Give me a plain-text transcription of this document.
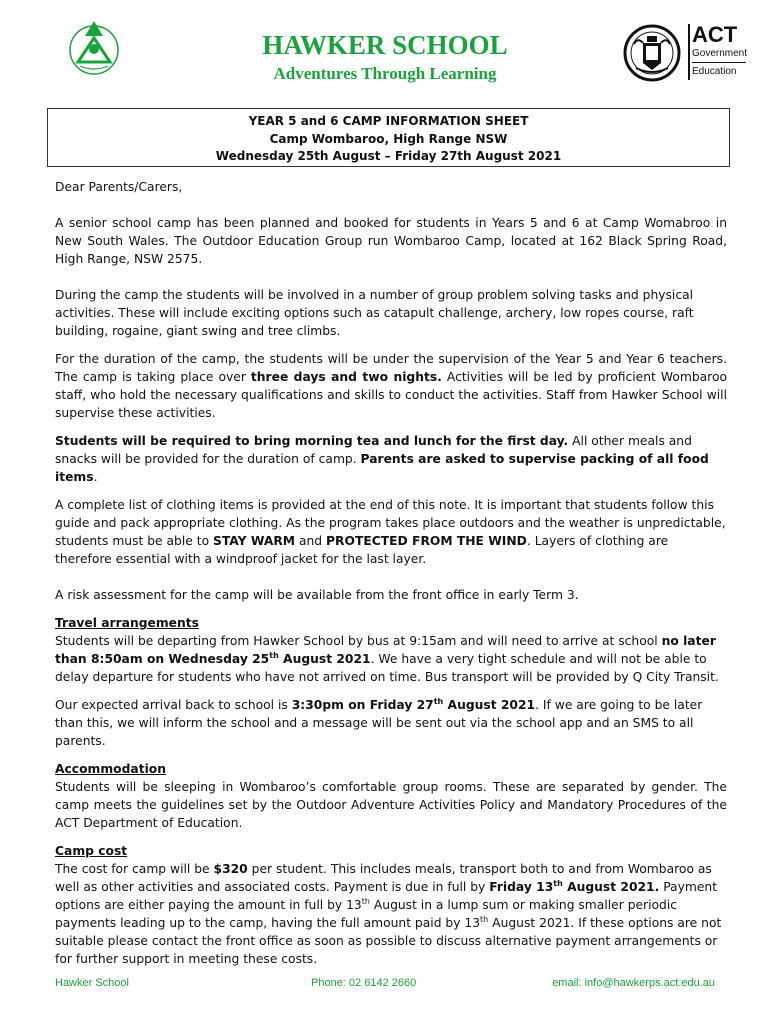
HAWKER SCHOOL
Adventures Through Learning
ACT
Government
Education
YEAR 5 and 6 CAMP INFORMATION SHEET
Camp Wombaroo, High Range NSW
Wednesday 25th August – Friday 27th August 2021

Dear Parents/Carers,

A senior school camp has been planned and booked for students in Years 5 and 6 at Camp Womabroo in New South Wales. The Outdoor Education Group run Wombaroo Camp, located at 162 Black Spring Road, High Range, NSW 2575.

During the camp the students will be involved in a number of group problem solving tasks and physical activities. These will include exciting options such as catapult challenge, archery, low ropes course, raft building, rogaine, giant swing and tree climbs.

For the duration of the camp, the students will be under the supervision of the Year 5 and Year 6 teachers. The camp is taking place over three days and two nights. Activities will be led by proficient Wombaroo staff, who hold the necessary qualifications and skills to conduct the activities. Staff from Hawker School will supervise these activities.

Students will be required to bring morning tea and lunch for the first day. All other meals and snacks will be provided for the duration of camp. Parents are asked to supervise packing of all food items.

A complete list of clothing items is provided at the end of this note. It is important that students follow this guide and pack appropriate clothing. As the program takes place outdoors and the weather is unpredictable, students must be able to STAY WARM and PROTECTED FROM THE WIND. Layers of clothing are therefore essential with a windproof jacket for the last layer.

A risk assessment for the camp will be available from the front office in early Term 3.

Travel arrangements

Students will be departing from Hawker School by bus at 9:15am and will need to arrive at school no later than 8:50am on Wednesday 25th August 2021. We have a very tight schedule and will not be able to delay departure for students who have not arrived on time. Bus transport will be provided by Q City Transit.

Our expected arrival back to school is 3:30pm on Friday 27th August 2021. If we are going to be later than this, we will inform the school and a message will be sent out via the school app and an SMS to all parents.

Accommodation

Students will be sleeping in Wombaroo’s comfortable group rooms. These are separated by gender. The camp meets the guidelines set by the Outdoor Adventure Activities Policy and Mandatory Procedures of the ACT Department of Education.

Camp cost

The cost for camp will be $320 per student. This includes meals, transport both to and from Wombaroo as well as other activities and associated costs. Payment is due in full by Friday 13th August 2021. Payment options are either paying the amount in full by 13th August in a lump sum or making smaller periodic payments leading up to the camp, having the full amount paid by 13th August 2021. If these options are not suitable please contact the front office as soon as possible to discuss alternative payment arrangements or for further support in meeting these costs.

Hawker School	Phone: 02 6142 2660	email: info@hawkerps.act.edu.au
